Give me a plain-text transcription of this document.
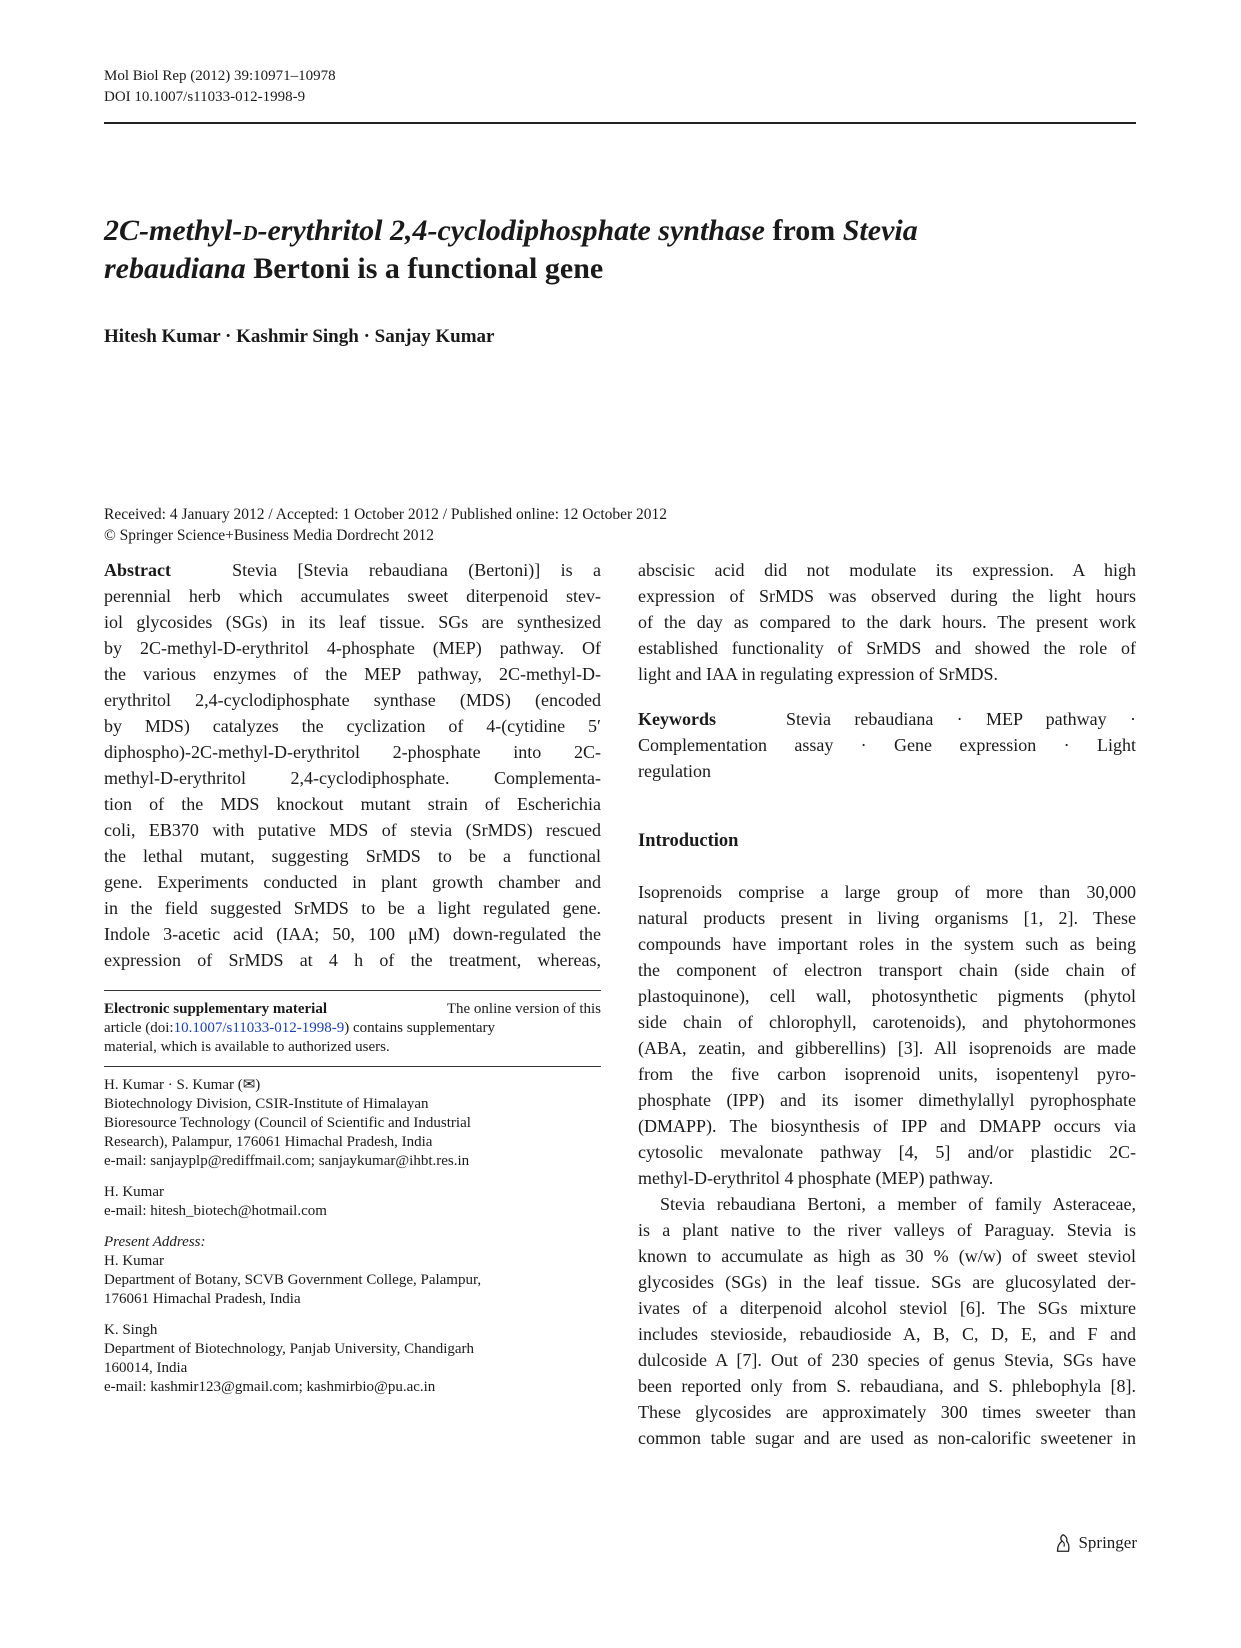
Mol Biol Rep (2012) 39:10971–10978
DOI 10.1007/s11033-012-1998-9
2C-methyl-d-erythritol 2,4-cyclodiphosphate synthase from Stevia
rebaudiana Bertoni is a functional gene
Hitesh Kumar · Kashmir Singh · Sanjay Kumar
Received: 4 January 2012 / Accepted: 1 October 2012 / Published online: 12 October 2012
© Springer Science+Business Media Dordrecht 2012
Abstract   Stevia [Stevia rebaudiana (Bertoni)] is a
perennial herb which accumulates sweet diterpenoid stev-
iol glycosides (SGs) in its leaf tissue. SGs are synthesized
by 2C-methyl-D-erythritol 4-phosphate (MEP) pathway. Of
the various enzymes of the MEP pathway, 2C-methyl-D-
erythritol 2,4-cyclodiphosphate synthase (MDS) (encoded
by MDS) catalyzes the cyclization of 4-(cytidine 5′
diphospho)-2C-methyl-D-erythritol 2-phosphate into 2C-
methyl-D-erythritol 2,4-cyclodiphosphate. Complementa-
tion of the MDS knockout mutant strain of Escherichia
coli, EB370 with putative MDS of stevia (SrMDS) rescued
the lethal mutant, suggesting SrMDS to be a functional
gene. Experiments conducted in plant growth chamber and
in the field suggested SrMDS to be a light regulated gene.
Indole 3-acetic acid (IAA; 50, 100 μM) down-regulated the
expression of SrMDS at 4 h of the treatment, whereas,
Electronic supplementary material	The online version of this
article (doi:10.1007/s11033-012-1998-9) contains supplementary
material, which is available to authorized users.
H. Kumar · S. Kumar (✉)
Biotechnology Division, CSIR-Institute of Himalayan
Bioresource Technology (Council of Scientific and Industrial
Research), Palampur, 176061 Himachal Pradesh, India
e-mail: sanjayplp@rediffmail.com; sanjaykumar@ihbt.res.in
H. Kumar
e-mail: hitesh_biotech@hotmail.com
Present Address:
H. Kumar
Department of Botany, SCVB Government College, Palampur,
176061 Himachal Pradesh, India
K. Singh
Department of Biotechnology, Panjab University, Chandigarh
160014, India
e-mail: kashmir123@gmail.com; kashmirbio@pu.ac.in
abscisic acid did not modulate its expression. A high
expression of SrMDS was observed during the light hours
of the day as compared to the dark hours. The present work
established functionality of SrMDS and showed the role of
light and IAA in regulating expression of SrMDS.
Keywords   Stevia rebaudiana · MEP pathway ·
Complementation assay · Gene expression · Light
regulation
Introduction
Isoprenoids comprise a large group of more than 30,000
natural products present in living organisms [1, 2]. These
compounds have important roles in the system such as being
the component of electron transport chain (side chain of
plastoquinone), cell wall, photosynthetic pigments (phytol
side chain of chlorophyll, carotenoids), and phytohormones
(ABA, zeatin, and gibberellins) [3]. All isoprenoids are made
from the five carbon isoprenoid units, isopentenyl pyro-
phosphate (IPP) and its isomer dimethylallyl pyrophosphate
(DMAPP). The biosynthesis of IPP and DMAPP occurs via
cytosolic mevalonate pathway [4, 5] and/or plastidic 2C-
methyl-D-erythritol 4 phosphate (MEP) pathway.
Stevia rebaudiana Bertoni, a member of family Asteraceae,
is a plant native to the river valleys of Paraguay. Stevia is
known to accumulate as high as 30 % (w/w) of sweet steviol
glycosides (SGs) in the leaf tissue. SGs are glucosylated der-
ivates of a diterpenoid alcohol steviol [6]. The SGs mixture
includes stevioside, rebaudioside A, B, C, D, E, and F and
dulcoside A [7]. Out of 230 species of genus Stevia, SGs have
been reported only from S. rebaudiana, and S. phlebophyla [8].
These glycosides are approximately 300 times sweeter than
common table sugar and are used as non-calorific sweetener in
Springer
